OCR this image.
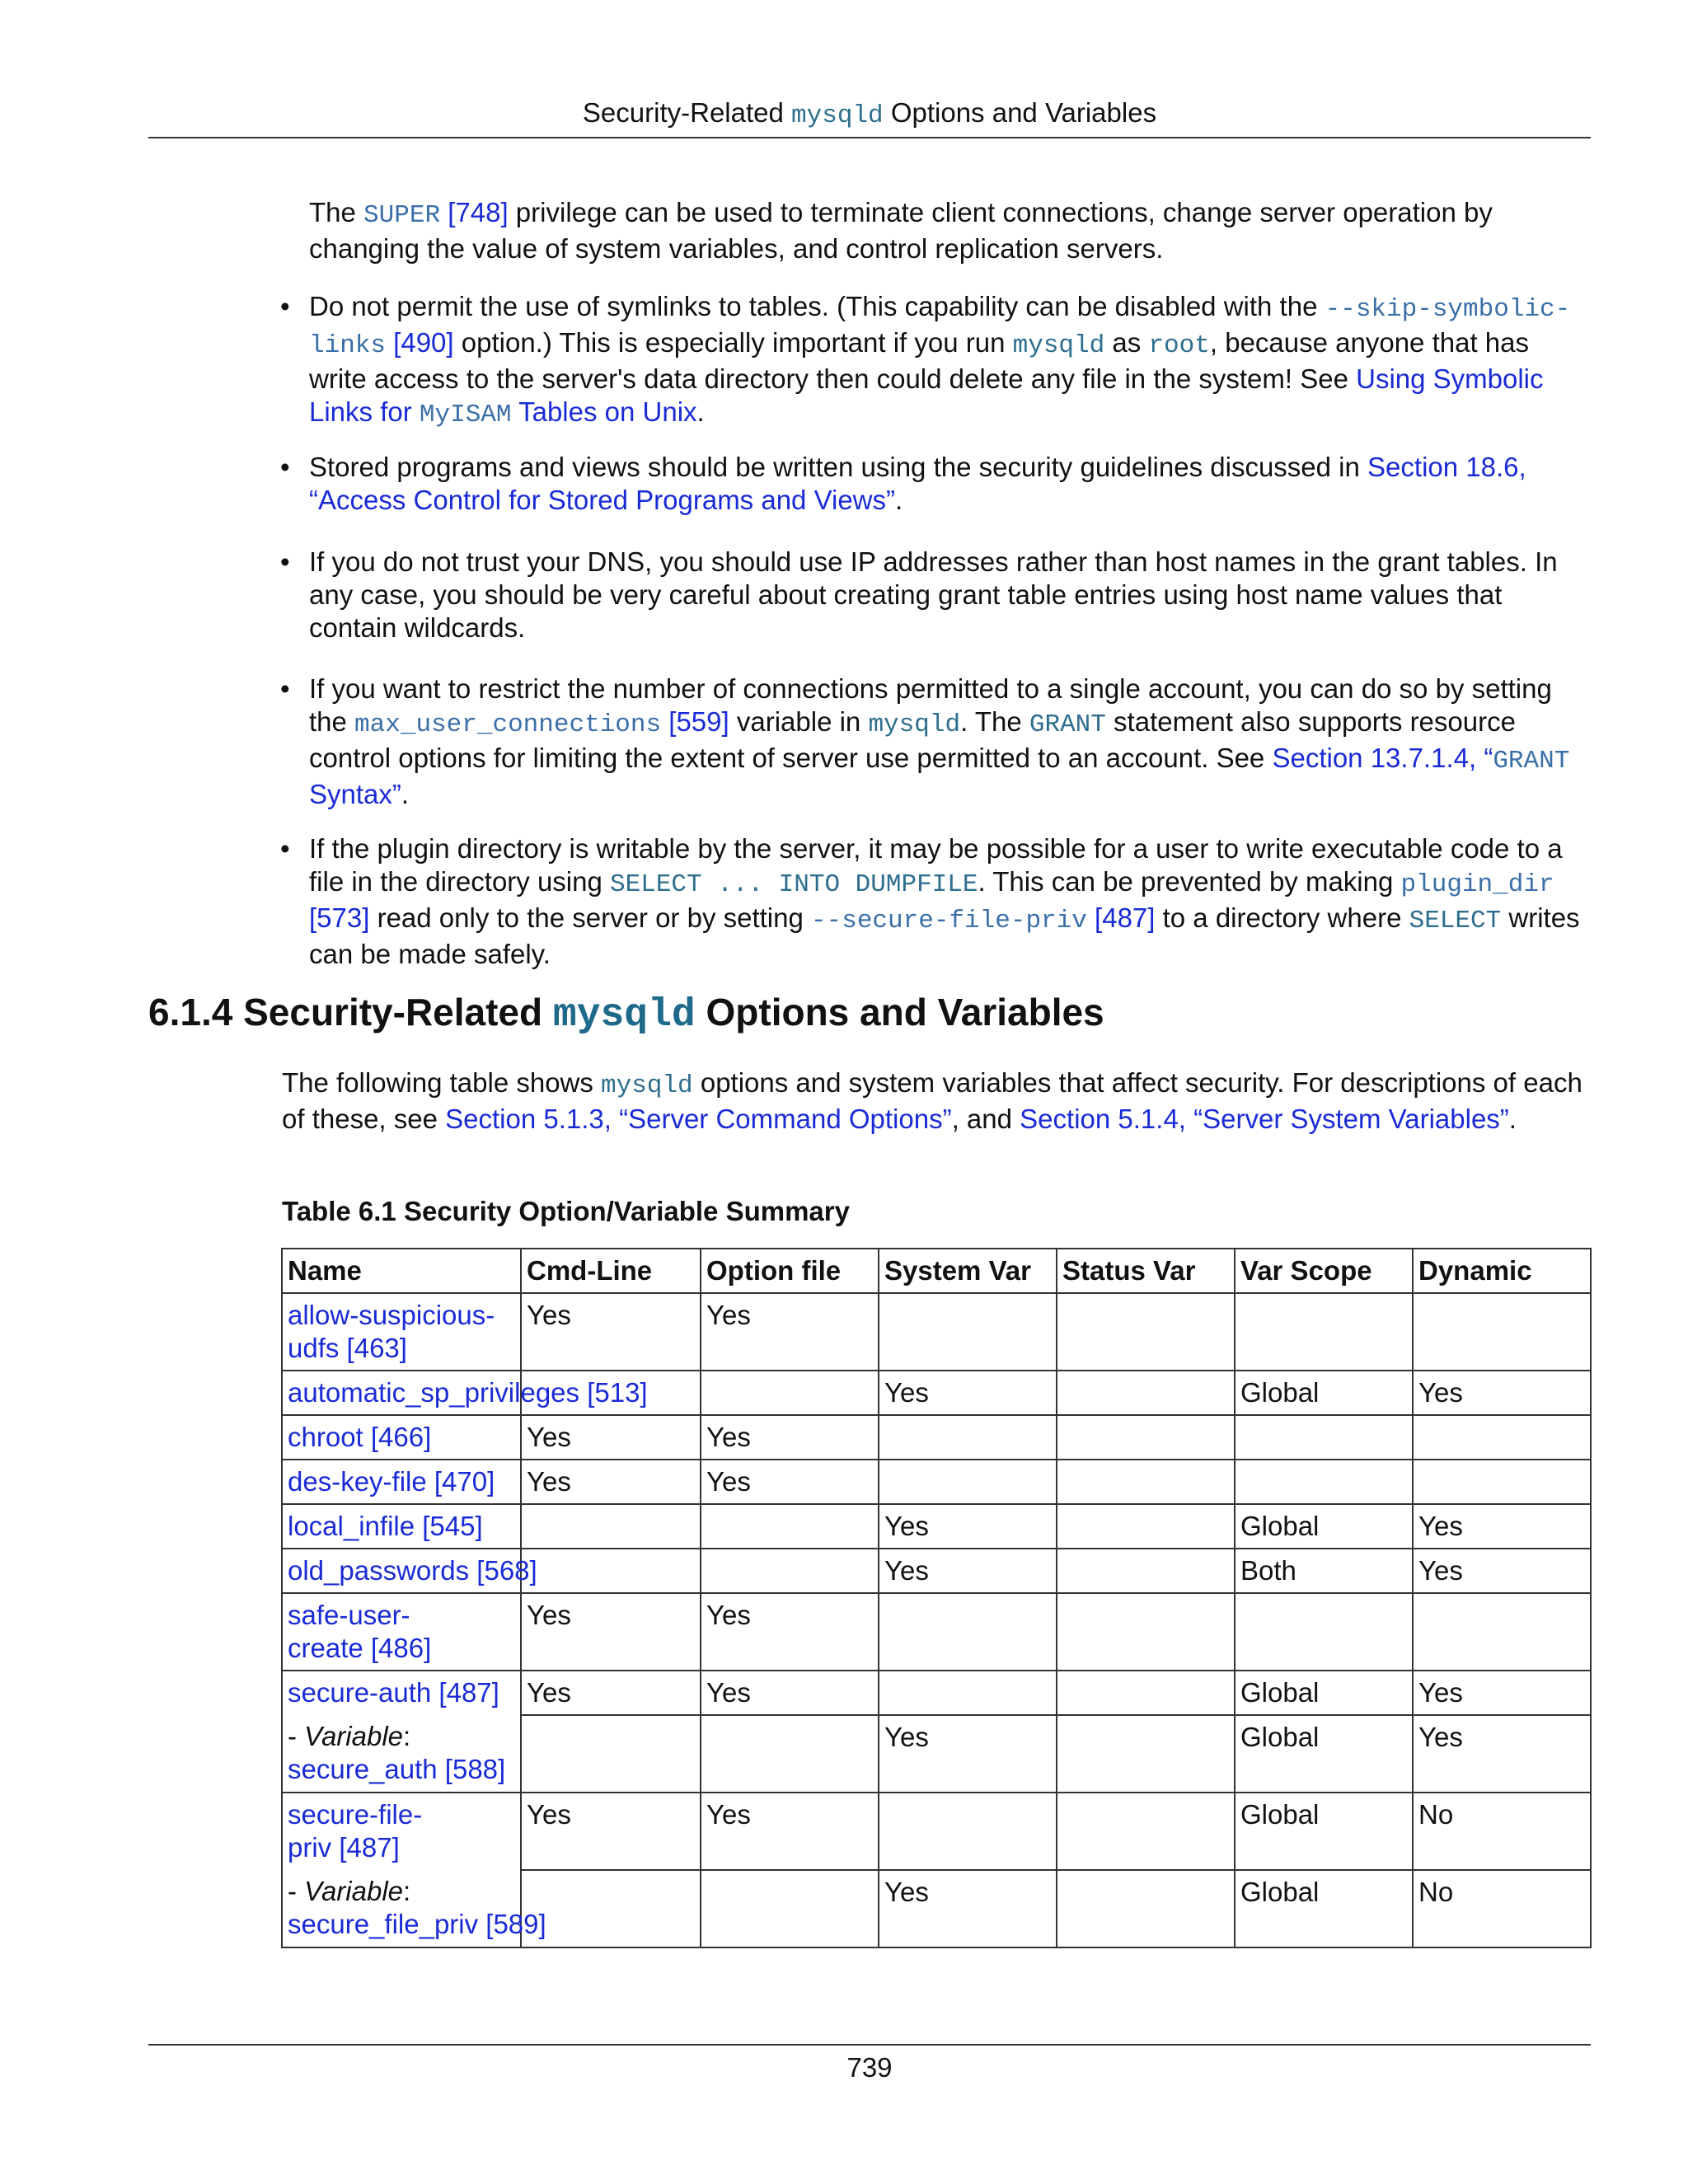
Security-Related mysqld Options and Variables
The SUPER [748] privilege can be used to terminate client connections, change server operation by changing the value of system variables, and control replication servers.
• Do not permit the use of symlinks to tables. (This capability can be disabled with the --skip-symbolic-links [490] option.) This is especially important if you run mysqld as root, because anyone that has write access to the server's data directory then could delete any file in the system! See Using Symbolic Links for MyISAM Tables on Unix.
• Stored programs and views should be written using the security guidelines discussed in Section 18.6, “Access Control for Stored Programs and Views”.
• If you do not trust your DNS, you should use IP addresses rather than host names in the grant tables. In any case, you should be very careful about creating grant table entries using host name values that contain wildcards.
• If you want to restrict the number of connections permitted to a single account, you can do so by setting the max_user_connections [559] variable in mysqld. The GRANT statement also supports resource control options for limiting the extent of server use permitted to an account. See Section 13.7.1.4, “GRANT Syntax”.
• If the plugin directory is writable by the server, it may be possible for a user to write executable code to a file in the directory using SELECT ... INTO DUMPFILE. This can be prevented by making plugin_dir [573] read only to the server or by setting --secure-file-priv [487] to a directory where SELECT writes can be made safely.
6.1.4 Security-Related mysqld Options and Variables
The following table shows mysqld options and system variables that affect security. For descriptions of each of these, see Section 5.1.3, “Server Command Options”, and Section 5.1.4, “Server System Variables”.
Table 6.1 Security Option/Variable Summary
Name	Cmd-Line	Option file	System Var	Status Var	Var Scope	Dynamic
allow-suspicious-
udfs [463]	Yes	Yes				
automatic_sp_privileges [513]			Yes		Global	Yes
chroot [466]	Yes	Yes				
des-key-file [470]	Yes	Yes				
local_infile [545]			Yes		Global	Yes
old_passwords [568]			Yes		Both	Yes
safe-user-
create [486]	Yes	Yes				
secure-auth [487]	Yes	Yes			Global	Yes
- Variable:
secure_auth [588]			Yes		Global	Yes
secure-file-
priv [487]	Yes	Yes			Global	No
- Variable:
secure_file_priv [589]			Yes		Global	No
739
